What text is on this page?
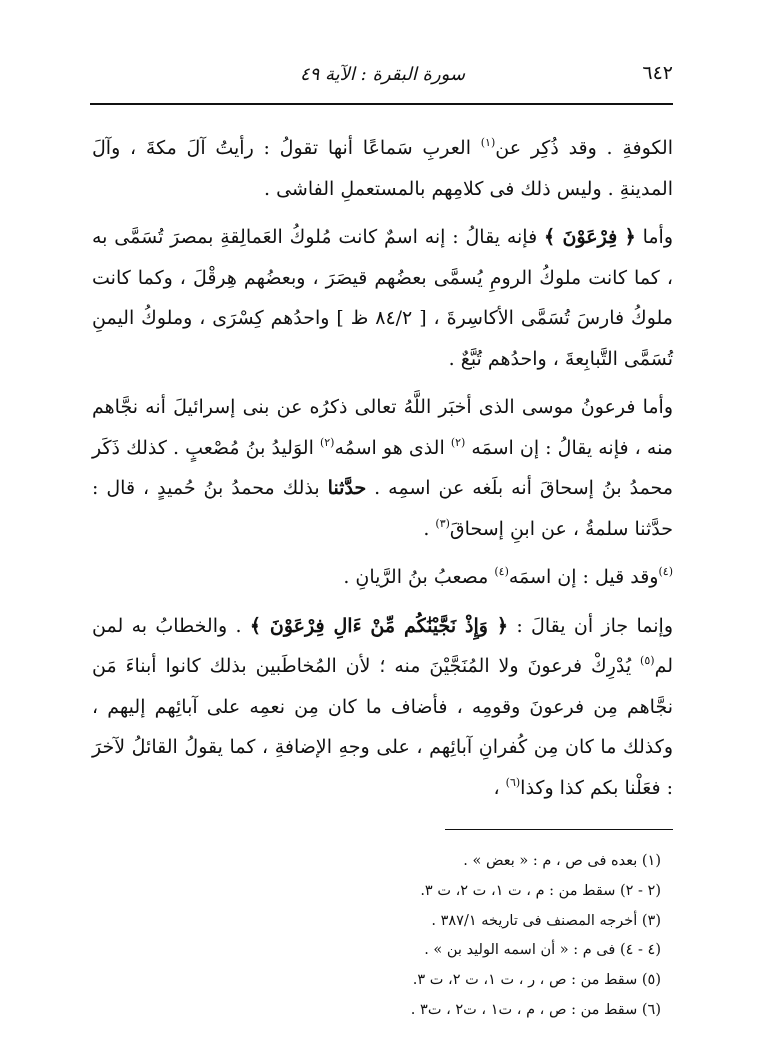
٦٤٢
سورة البقرة : الآية ٤٩

الكوفةِ . وقد ذُكِر عن$^{(١)}$ العربِ سَماعًا أنها تقولُ : رأيتُ آلَ مكةَ ، وآلَ المدينةِ . وليس ذلك فى كلامِهم بالمستعملِ الفاشى .

وأما ﴿ فِرْعَوْنَ ﴾ فإنه يقالُ : إنه اسمٌ كانت مُلوكُ العَمالِقةِ بمصرَ تُسَمَّى به ، كما كانت ملوكُ الرومِ يُسمَّى بعضُهم قيصَرَ ، وبعضُهم هِرقْلَ ، وكما كانت ملوكُ فارسَ تُسَمَّى الأكاسِرةَ ، [ ٨٤/٢ ظ ] واحدُهم كِسْرَى ، وملوكُ اليمنِ تُسَمَّى التَّبابِعةَ ، واحدُهم تُبَّعٌ .

وأما فرعونُ موسى الذى أخبَر اللَّهُ تعالى ذكرُه عن بنى إسرائيلَ أنه نجَّاهم منه ، فإنه يقالُ : إن اسمَه $^{(٢)}$ الذى هو اسمُه$^{(٢)}$ الوَليدُ بنُ مُصْعبٍ . كذلك ذَكَر محمدُ بنُ إسحاقَ أنه بلَغه عن اسمِه . حدَّثنا بذلك محمدُ بنُ حُميدٍ ، قال : حدَّثنا سلمةُ ، عن ابنِ إسحاقَ$^{(٣)}$ .

$^{(٤)}$وقد قيل : إن اسمَه$^{(٤)}$ مصعبُ بنُ الرَّيانِ .

وإنما جاز أن يقالَ : ﴿ وَإِذْ نَجَّيْنَٰكُم مِّنْ ءَالِ فِرْعَوْنَ ﴾ . والخطابُ به لمن لم$^{(٥)}$ يُدْرِكْ فرعونَ ولا المُنَجَّيْنَ منه ؛ لأن المُخاطَبين بذلك كانوا أبناءَ مَن نجَّاهم مِن فرعونَ وقومِه ، فأضاف ما كان مِن نعمِه على آبائِهم إليهم ، وكذلك ما كان مِن كُفرانِ آبائِهم ، على وجهِ الإضافةِ ، كما يقولُ القائلُ لآخرَ : فعَلْنا بكم كذا وكذا$^{(٦)}$ ،

(١) بعده فى ص ، م : « بعض » .
(٢ - ٢) سقط من : م ، ت ١، ت ٢، ت ٣.
(٣) أخرجه المصنف فى تاريخه ٣٨٧/١ .
(٤ - ٤) فى م : « أن اسمه الوليد بن » .
(٥) سقط من : ص ، ر ، ت ١، ت ٢، ت ٣.
(٦) سقط من : ص ، م ، ت١ ، ت٢ ، ت٣ .
